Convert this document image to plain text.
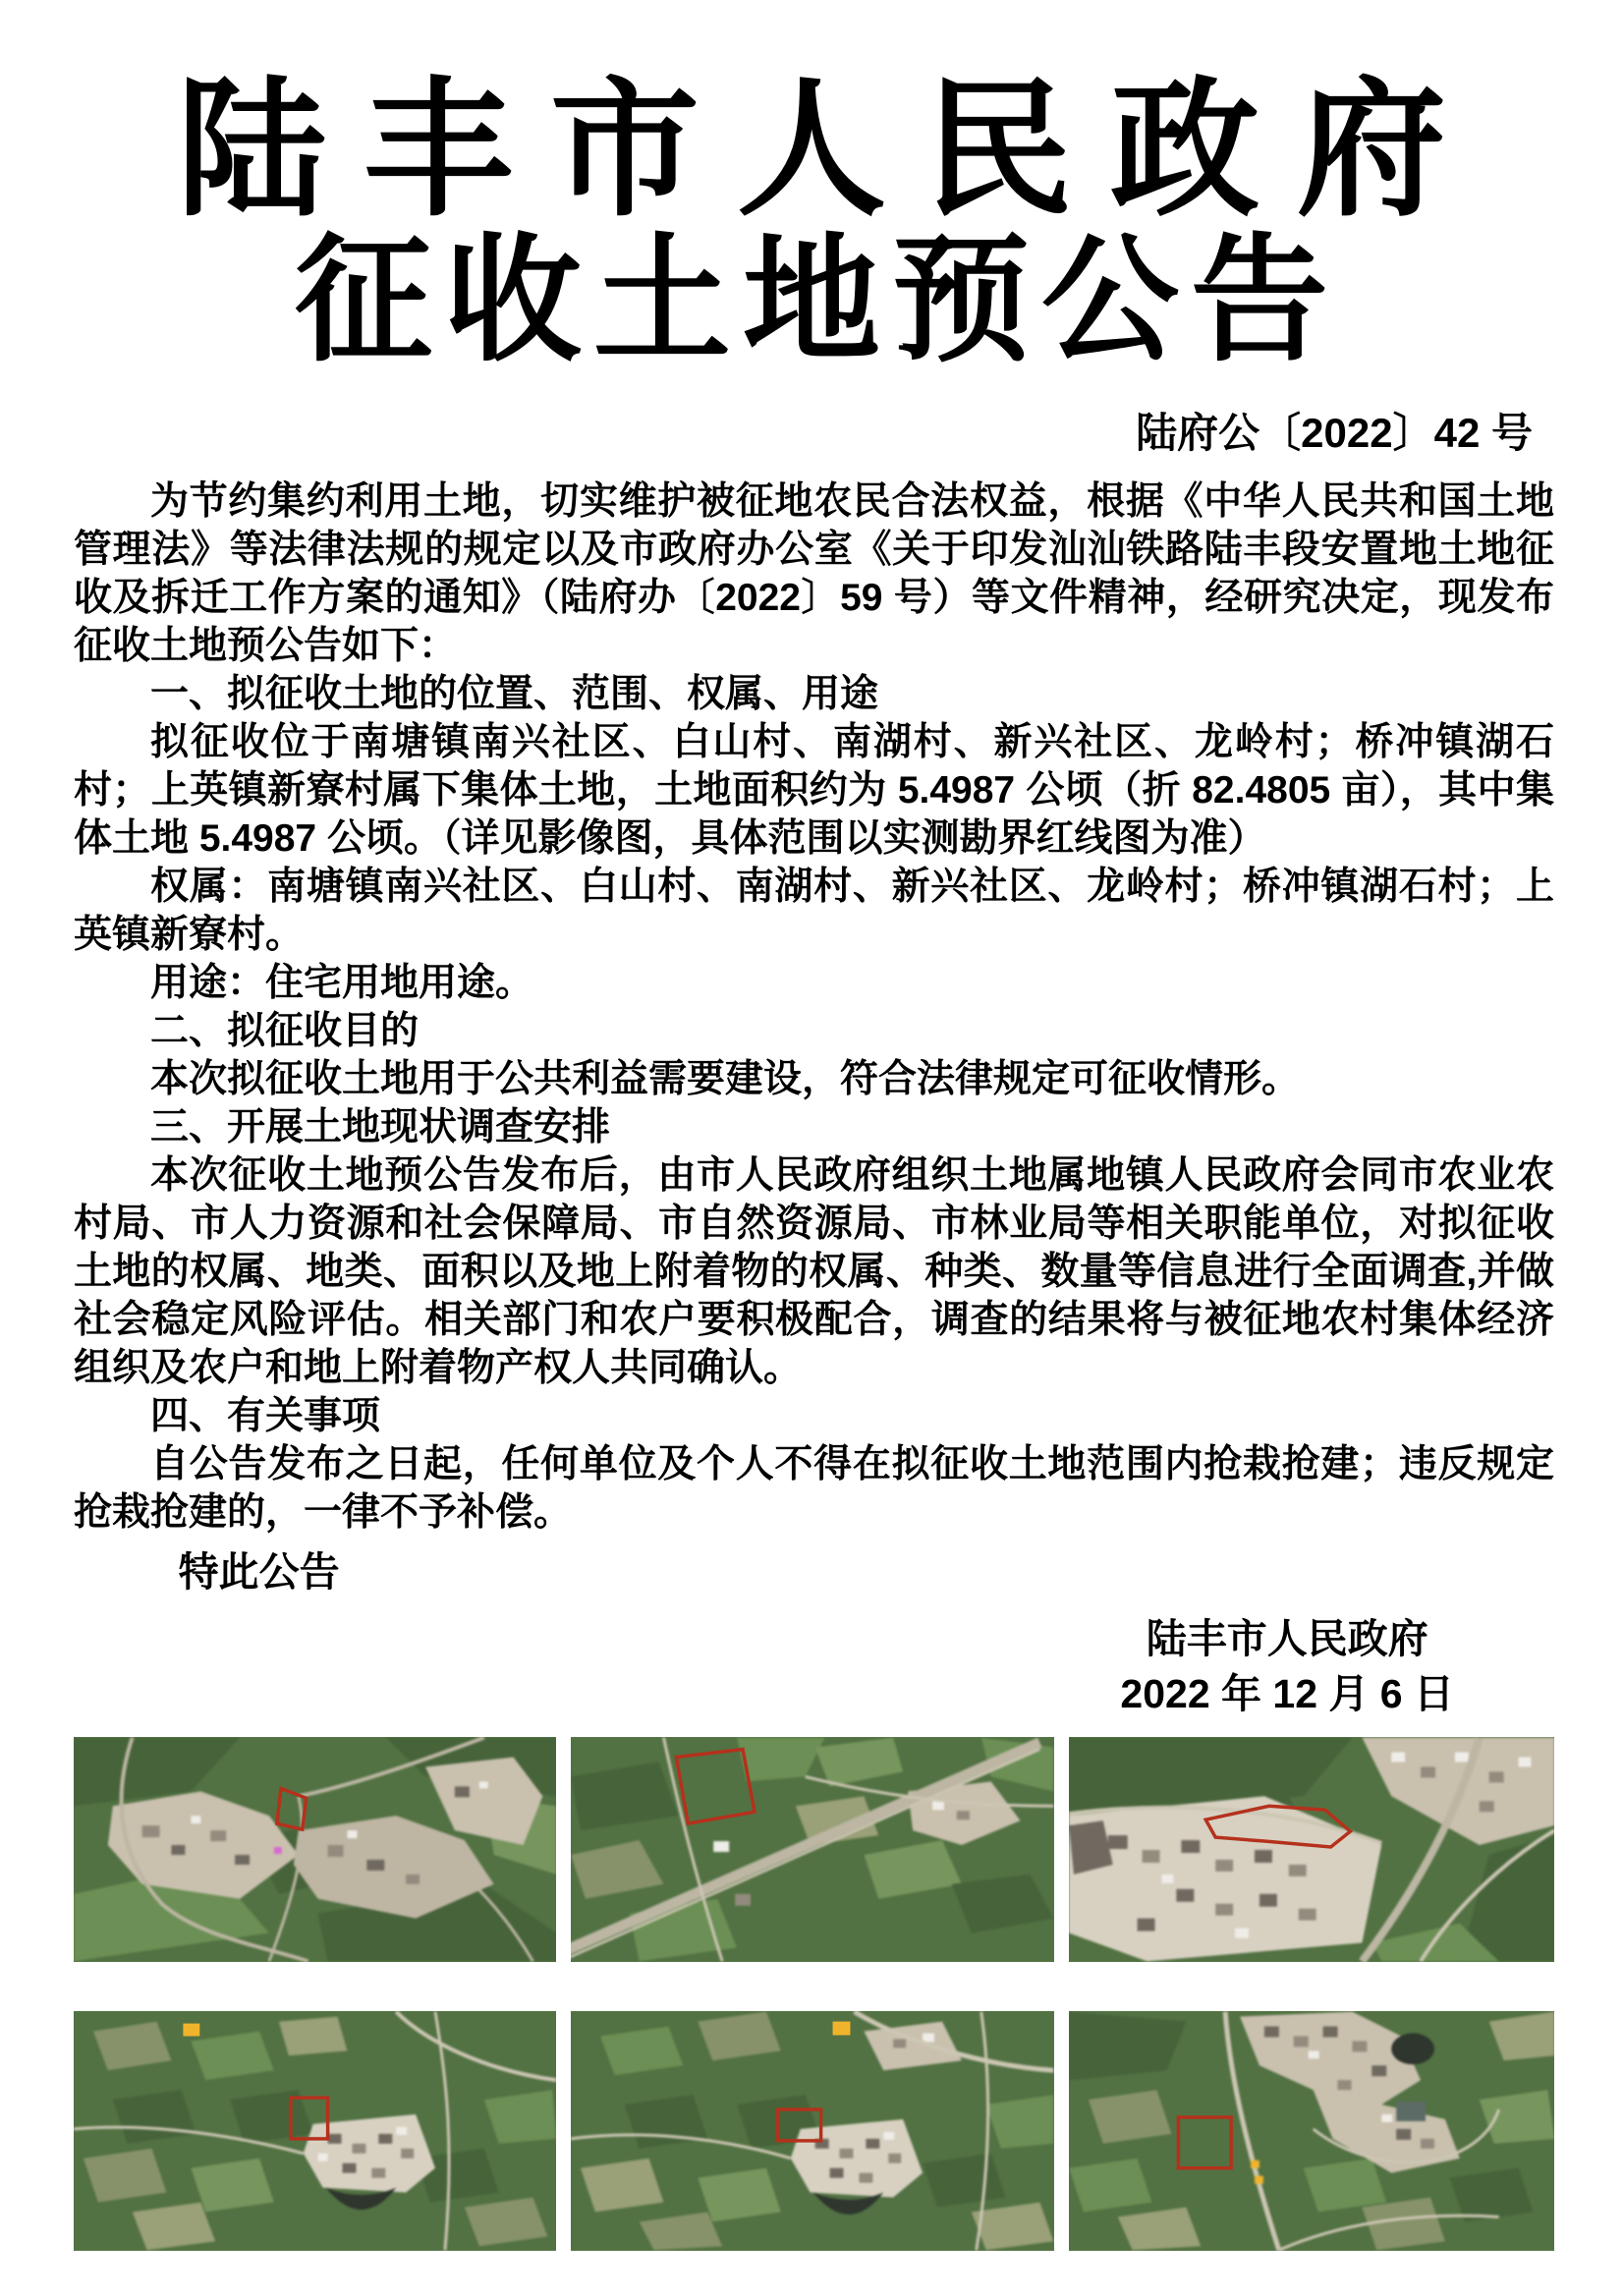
陆丰市人民政府
征收土地预公告
陆府公〔2022〕42 号

为节约集约利用土地，切实维护被征地农民合法权益，根据《中华人民共和国土地管理法》等法律法规的规定以及市政府办公室《关于印发汕汕铁路陆丰段安置地土地征收及拆迁工作方案的通知》（陆府办〔2022〕59 号）等文件精神，经研究决定，现发布征收土地预公告如下：

一、拟征收土地的位置、范围、权属、用途

拟征收位于南塘镇南兴社区、白山村、南湖村、新兴社区、龙岭村；桥冲镇湖石村；上英镇新寮村属下集体土地，土地面积约为 5.4987 公顷（折 82.4805 亩），其中集体土地 5.4987 公顷。（详见影像图，具体范围以实测勘界红线图为准）

权属：南塘镇南兴社区、白山村、南湖村、新兴社区、龙岭村；桥冲镇湖石村；上英镇新寮村。

用途：住宅用地用途。

二、拟征收目的

本次拟征收土地用于公共利益需要建设，符合法律规定可征收情形。

三、开展土地现状调查安排

本次征收土地预公告发布后，由市人民政府组织土地属地镇人民政府会同市农业农村局、市人力资源和社会保障局、市自然资源局、市林业局等相关职能单位，对拟征收土地的权属、地类、面积以及地上附着物的权属、种类、数量等信息进行全面调查,并做社会稳定风险评估。相关部门和农户要积极配合，调查的结果将与被征地农村集体经济组织及农户和地上附着物产权人共同确认。

四、有关事项

自公告发布之日起，任何单位及个人不得在拟征收土地范围内抢栽抢建；违反规定抢栽抢建的，一律不予补偿。

特此公告
陆丰市人民政府
2022 年 12 月 6 日
